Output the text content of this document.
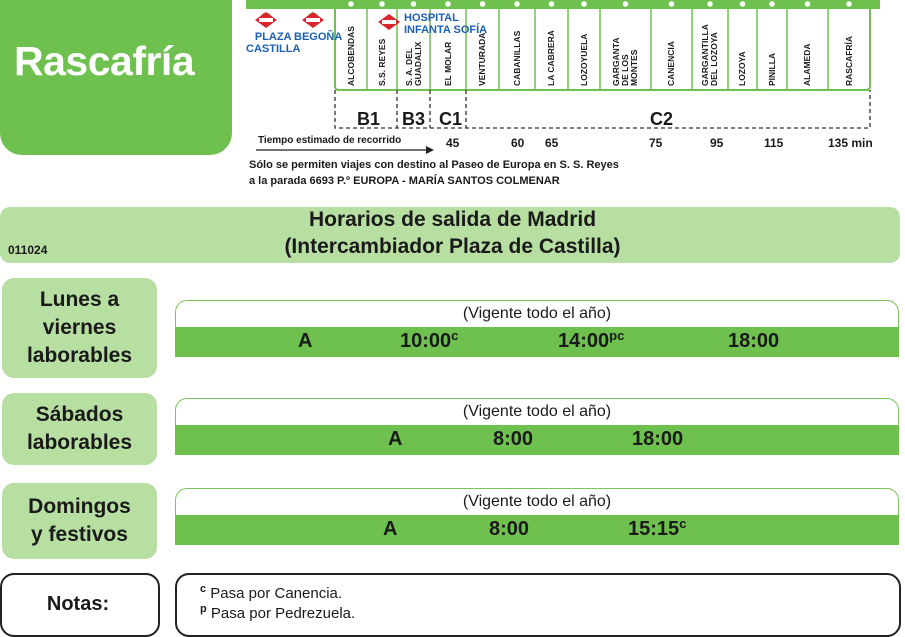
Rascafría
PLAZA
CASTILLA
BEGOÑA
HOSPITAL
INFANTA SOFÍA
ALCOBENDAS S.S. REYES S. A. DEL
GUADALIX EL MOLAR	VENTURADA	CABANILLAS	LA CABRERA	LOZOYUELA	GARGANTA
DE LOS
MONTES	CANENCIA	GARGANTILLA
DEL LOZOYA
LOZOYA PINILLA	ALAMEDA	RASCAFRÍA
B1 B3 C1	C2
Tiempo estimado de recorrido	45	60 65	75	95	115	135 min
Sólo se permiten viajes con destino al Paseo de Europa en S. S. Reyes
a la parada 6693 P.º EUROPA - MARÍA SANTOS COLMENAR
Horarios de salida de Madrid
(Intercambiador Plaza de Castilla)
011024
Lunes a
viernes
laborables
(Vigente todo el año)
A	10:00$^c$	$14:00^{pc}$	18:00
Sábados
laborables
(Vigente todo el año)
A	8:00	18:00
Domingos
y festivos
(Vigente todo el año)
A	8:00	15:15$^c$
Notas:
$^c$ Pasa por Canencia.
$^p$ Pasa por Pedrezuela.
